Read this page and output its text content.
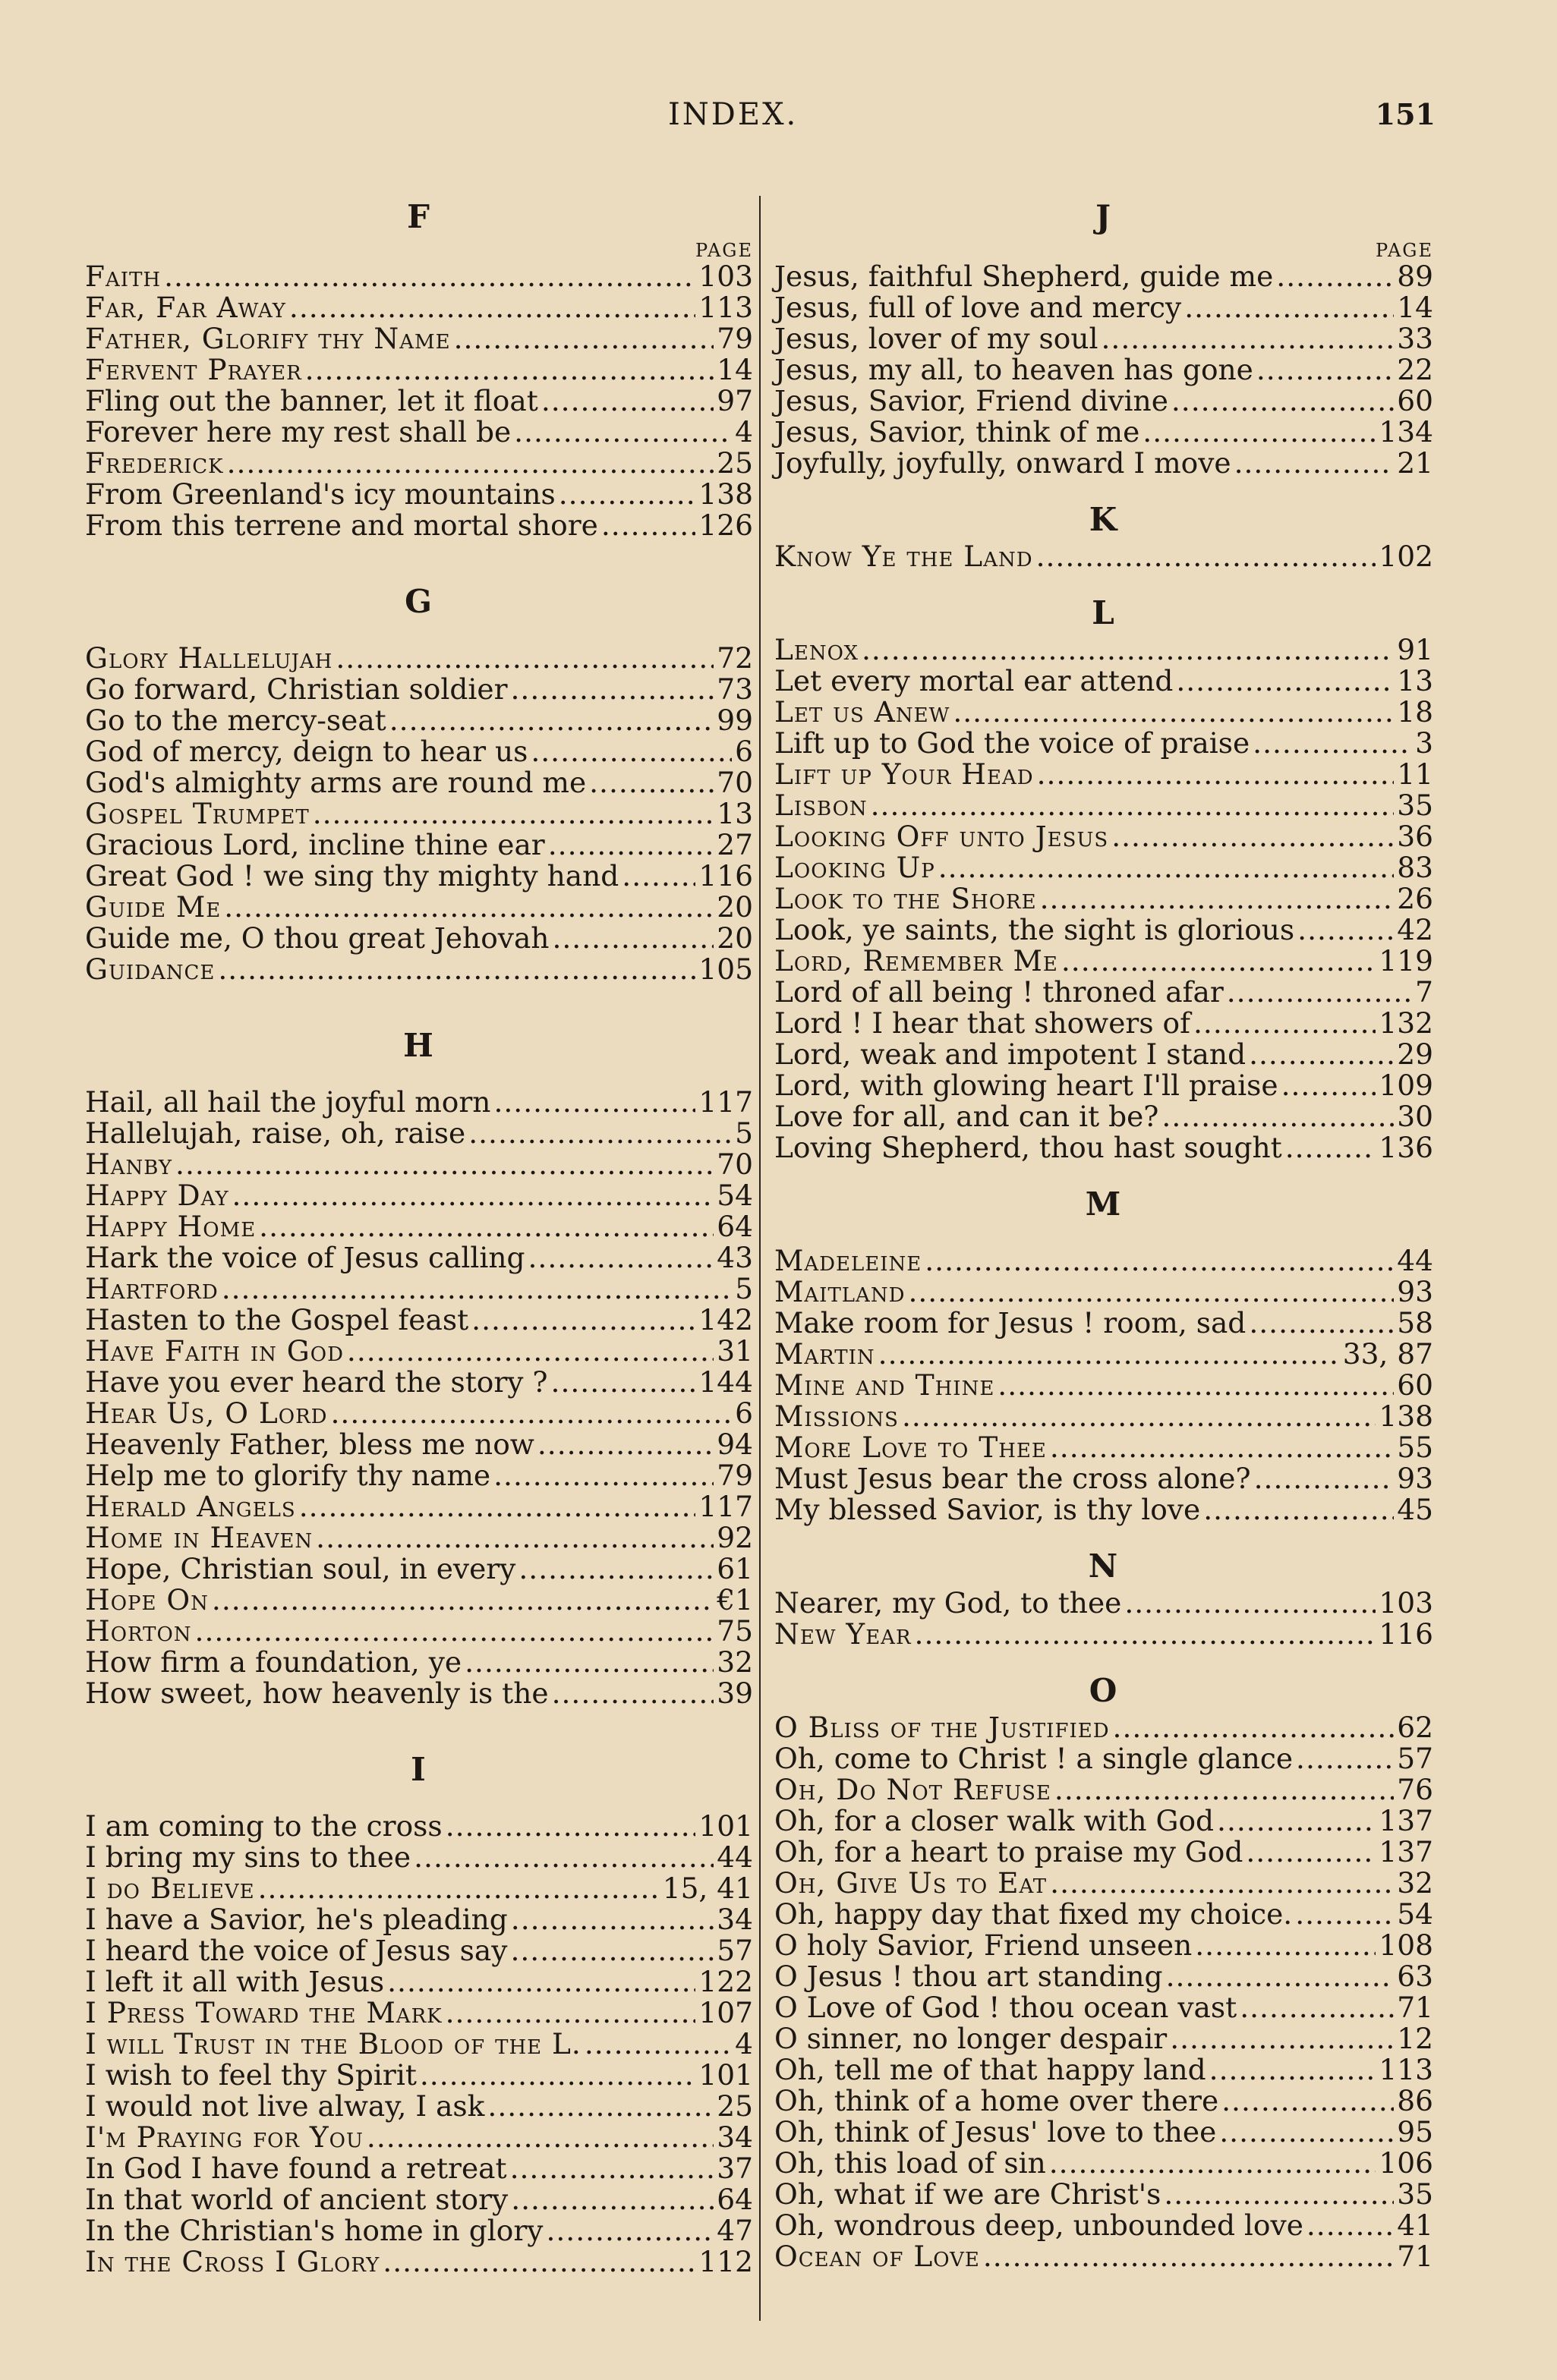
INDEX.	151
F
PAGE
Faith .....	103
Far, Far Away .....	113
Father, Glorify thy Name .....	79
Fervent Prayer .....	14
Fling out the banner, let it float .....	97
Forever here my rest shall be .....	4
Frederick .....	25
From Greenland's icy mountains .....	138
From this terrene and mortal shore .....	126
G
Glory Hallelujah .....	72
Go forward, Christian soldier .....	73
Go to the mercy-seat .....	99
God of mercy, deign to hear us .....	6
God's almighty arms are round me .....	70
Gospel Trumpet .....	13
Gracious Lord, incline thine ear .....	27
Great God ! we sing thy mighty hand .....	116
Guide Me .....	20
Guide me, O thou great Jehovah .....	20
Guidance .....	105
H
Hail, all hail the joyful morn .....	117
Hallelujah, raise, oh, raise .....	5
Hanby .....	70
Happy Day .....	54
Happy Home .....	64
Hark the voice of Jesus calling .....	43
Hartford .....	5
Hasten to the Gospel feast .....	142
Have Faith in God .....	31
Have you ever heard the story ? .....	144
Hear Us, O Lord .....	6
Heavenly Father, bless me now .....	94
Help me to glorify thy name .....	79
Herald Angels .....	117
Home in Heaven .....	92
Hope, Christian soul, in every .....	61
Hope On .....	€1
Horton .....	75
How firm a foundation, ye .....	32
How sweet, how heavenly is the .....	39
I
I am coming to the cross .....	101
I bring my sins to thee .....	44
I do Believe .....	15, 41
I have a Savior, he's pleading .....	34
I heard the voice of Jesus say .....	57
I left it all with Jesus .....	122
I Press Toward the Mark .....	107
I will Trust in the Blood of the L. .....	4
I wish to feel thy Spirit .....	101
I would not live alway, I ask .....	25
I'm Praying for You .....	34
In God I have found a retreat .....	37
In that world of ancient story .....	64
In the Christian's home in glory .....	47
In the Cross I Glory .....	112
J
PAGE
Jesus, faithful Shepherd, guide me .....	89
Jesus, full of love and mercy .....	14
Jesus, lover of my soul .....	33
Jesus, my all, to heaven has gone .....	22
Jesus, Savior, Friend divine .....	60
Jesus, Savior, think of me .....	134
Joyfully, joyfully, onward I move .....	21
K
Know Ye the Land .....	102
L
Lenox .....	91
Let every mortal ear attend .....	13
Let us Anew .....	18
Lift up to God the voice of praise .....	3
Lift up Your Head .....	11
Lisbon .....	35
Looking Off unto Jesus .....	36
Looking Up .....	83
Look to the Shore .....	26
Look, ye saints, the sight is glorious .....	42
Lord, Remember Me .....	119
Lord of all being ! throned afar .....	7
Lord ! I hear that showers of .....	132
Lord, weak and impotent I stand .....	29
Lord, with glowing heart I'll praise .....	109
Love for all, and can it be? .....	30
Loving Shepherd, thou hast sought .....	136
M
Madeleine .....	44
Maitland .....	93
Make room for Jesus ! room, sad .....	58
Martin .....	33, 87
Mine and Thine .....	60
Missions .....	138
More Love to Thee .....	55
Must Jesus bear the cross alone? .....	93
My blessed Savior, is thy love .....	45
N
Nearer, my God, to thee .....	103
New Year .....	116
O
O Bliss of the Justified .....	62
Oh, come to Christ ! a single glance .....	57
Oh, Do Not Refuse .....	76
Oh, for a closer walk with God .....	137
Oh, for a heart to praise my God .....	137
Oh, Give Us to Eat .....	32
Oh, happy day that fixed my choice. .....	54
O holy Savior, Friend unseen .....	108
O Jesus ! thou art standing .....	63
O Love of God ! thou ocean vast .....	71
O sinner, no longer despair .....	12
Oh, tell me of that happy land .....	113
Oh, think of a home over there .....	86
Oh, think of Jesus' love to thee .....	95
Oh, this load of sin .....	106
Oh, what if we are Christ's .....	35
Oh, wondrous deep, unbounded love .....	41
Ocean of Love .....	71
